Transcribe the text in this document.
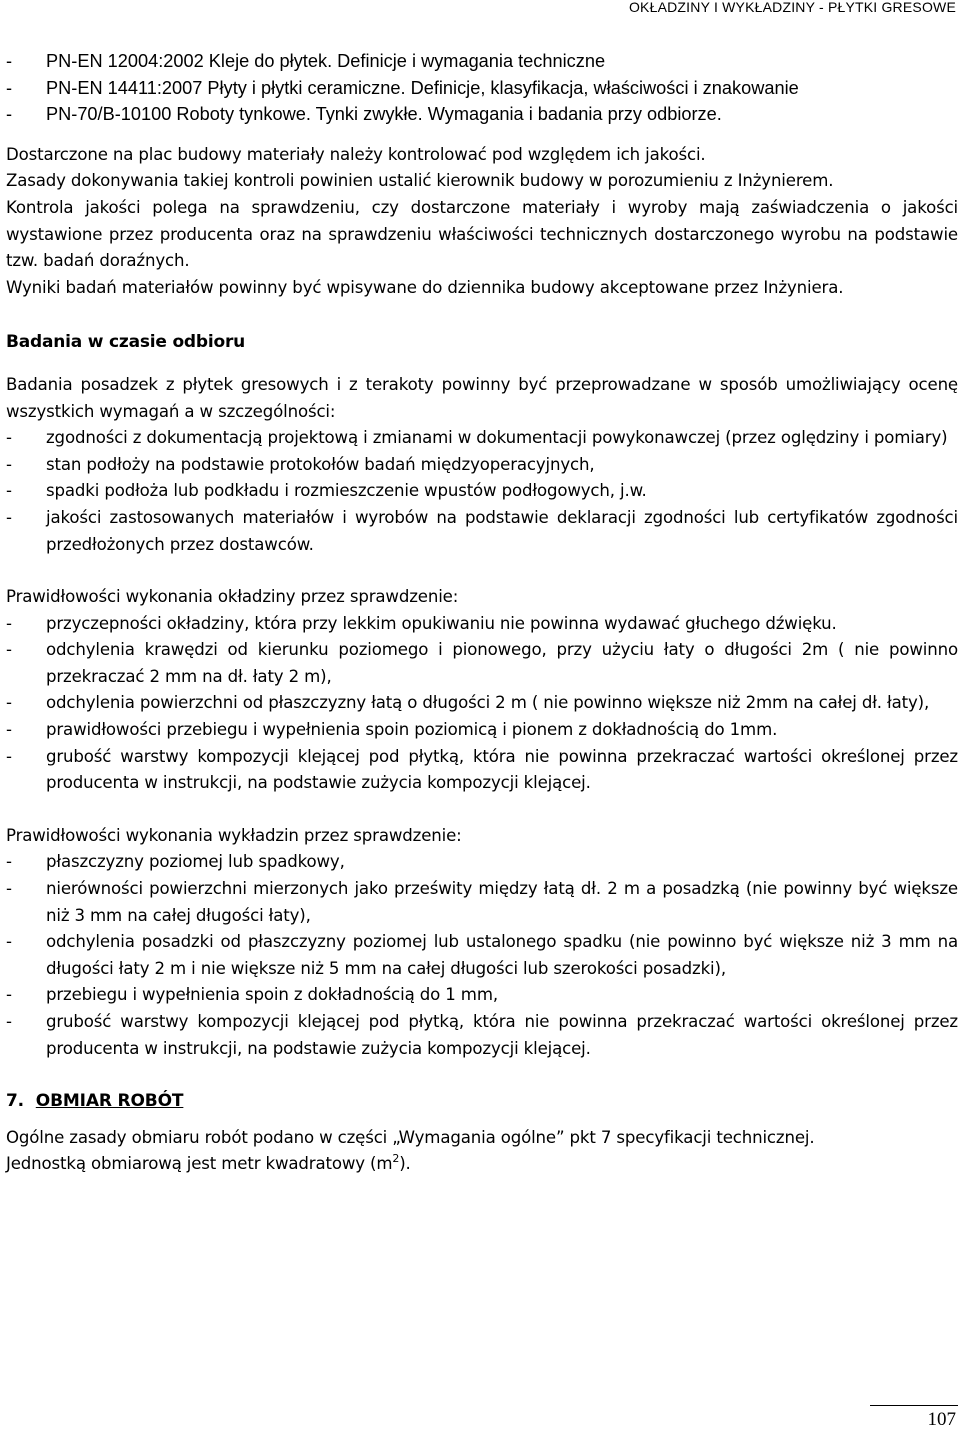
OKŁADZINY I WYKŁADZINY - PŁYTKI GRESOWE
-	PN-EN 12004:2002 Kleje do płytek. Definicje i wymagania techniczne
-	PN-EN 14411:2007 Płyty i płytki ceramiczne. Definicje, klasyfikacja, właściwości i znakowanie
-	PN-70/B-10100 Roboty tynkowe. Tynki zwykłe. Wymagania i badania przy odbiorze.

Dostarczone na plac budowy materiały należy kontrolować pod względem ich jakości.

Zasady dokonywania takiej kontroli powinien ustalić kierownik budowy w porozumieniu z Inżynierem.

Kontrola jakości polega na sprawdzeniu, czy dostarczone materiały i wyroby mają zaświadczenia o jakości wystawione przez producenta oraz na sprawdzeniu właściwości technicznych dostarczonego wyrobu na podstawie tzw. badań doraźnych.

Wyniki badań materiałów powinny być wpisywane do dziennika budowy akceptowane przez Inżyniera.

Badania w czasie odbioru

Badania posadzek z płytek gresowych i z terakoty powinny być przeprowadzane w sposób umożliwiający ocenę wszystkich wymagań a w szczególności:

-	zgodności z dokumentacją projektową i zmianami w dokumentacji powykonawczej (przez oględziny i pomiary)
-	stan podłoży na podstawie protokołów badań międzyoperacyjnych,
-	spadki podłoża lub podkładu i rozmieszczenie wpustów podłogowych, j.w.
-	jakości zastosowanych materiałów i wyrobów na podstawie deklaracji zgodności lub certyfikatów zgodności przedłożonych przez dostawców.

Prawidłowości wykonania okładziny przez sprawdzenie:

-	przyczepności okładziny, która przy lekkim opukiwaniu nie powinna wydawać głuchego dźwięku.
-	odchylenia krawędzi od kierunku poziomego i pionowego, przy użyciu łaty o długości 2m ( nie powinno przekraczać 2 mm na dł. łaty 2 m),
-	odchylenia powierzchni od płaszczyzny łatą o długości 2 m ( nie powinno większe niż 2mm na całej dł. łaty),
-	prawidłowości przebiegu i wypełnienia spoin poziomicą i pionem z dokładnością do 1mm.
-	grubość warstwy kompozycji klejącej pod płytką, która nie powinna przekraczać wartości określonej przez producenta w instrukcji, na podstawie zużycia kompozycji klejącej.

Prawidłowości wykonania wykładzin przez sprawdzenie:

-	płaszczyzny poziomej lub spadkowy,
-	nierówności powierzchni mierzonych jako prześwity między łatą dł. 2 m a posadzką (nie powinny być większe niż 3 mm na całej długości łaty),
-	odchylenia posadzki od płaszczyzny poziomej lub ustalonego spadku (nie powinno być większe niż 3 mm na długości łaty 2 m i nie większe niż 5 mm na całej długości lub szerokości posadzki),
-	przebiegu i wypełnienia spoin z dokładnością do 1 mm,
-	grubość warstwy kompozycji klejącej pod płytką, która nie powinna przekraczać wartości określonej przez producenta w instrukcji, na podstawie zużycia kompozycji klejącej.

7. OBMIAR ROBÓT

Ogólne zasady obmiaru robót podano w części „Wymagania ogólne” pkt 7 specyfikacji technicznej.

Jednostką obmiarową jest metr kwadratowy $(m^2)$.

107
